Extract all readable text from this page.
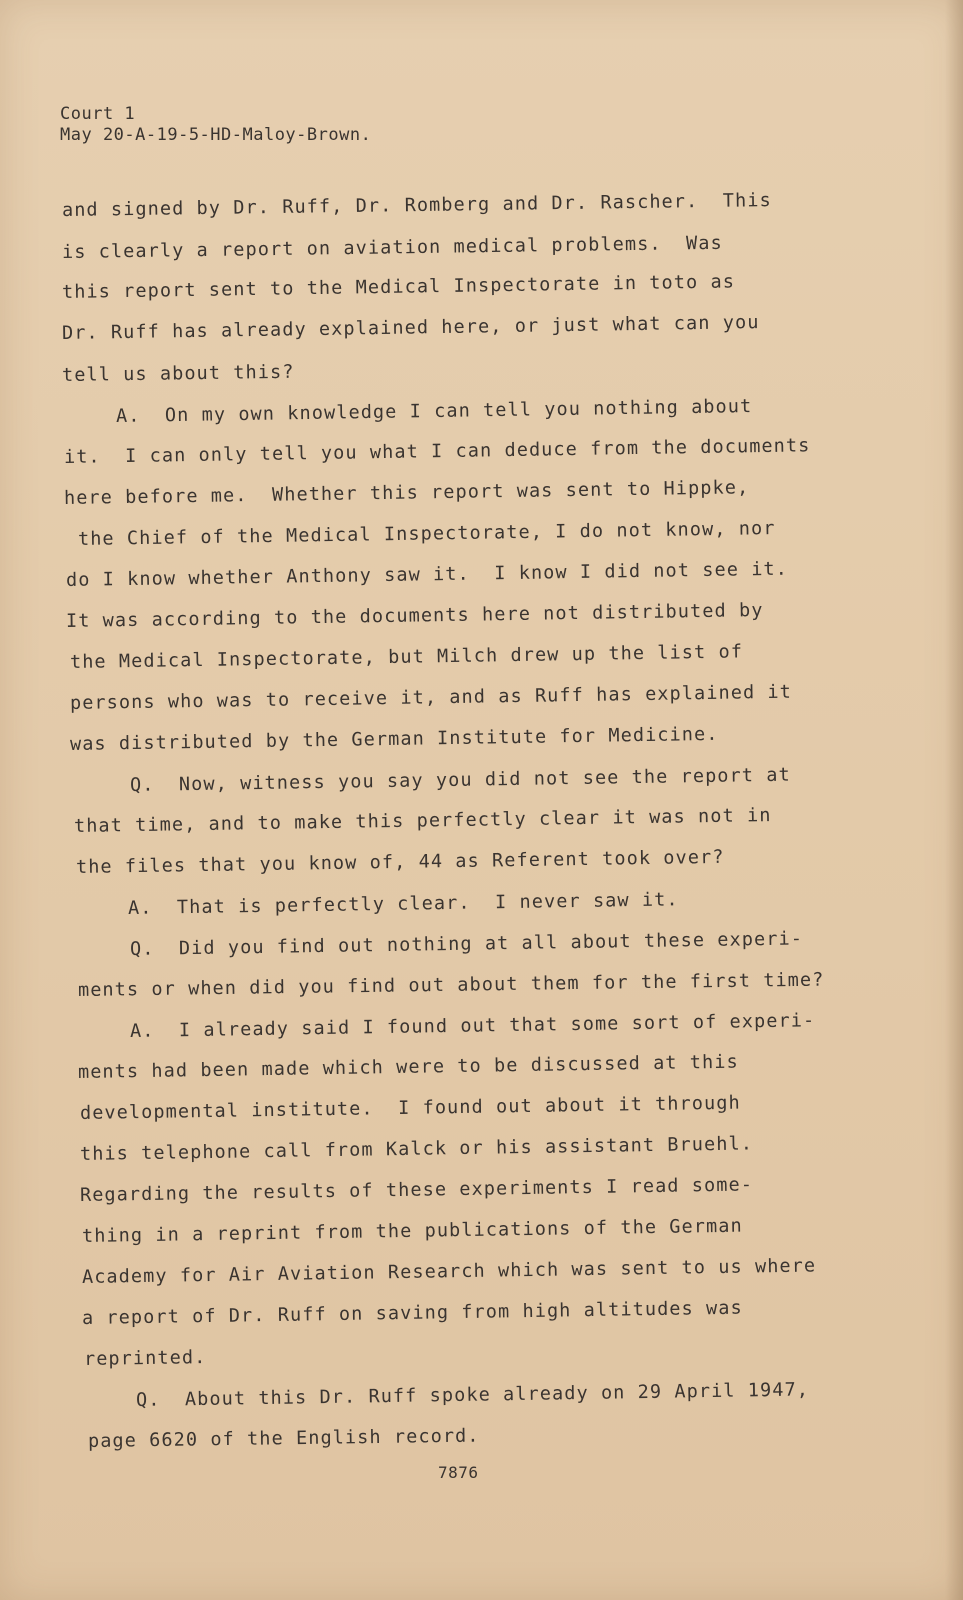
Court 1
May 20-A-19-5-HD-Maloy-Brown.
and signed by Dr. Ruff, Dr. Romberg and Dr. Rascher.  This
is clearly a report on aviation medical problems.  Was
this report sent to the Medical Inspectorate in toto as
Dr. Ruff has already explained here, or just what can you
tell us about this?
A.  On my own knowledge I can tell you nothing about
it.  I can only tell you what I can deduce from the documents
here before me.  Whether this report was sent to Hippke,
the Chief of the Medical Inspectorate, I do not know, nor
do I know whether Anthony saw it.  I know I did not see it.
It was according to the documents here not distributed by
the Medical Inspectorate, but Milch drew up the list of
persons who was to receive it, and as Ruff has explained it
was distributed by the German Institute for Medicine.
Q.  Now, witness you say you did not see the report at
that time, and to make this perfectly clear it was not in
the files that you know of, 44 as Referent took over?
A.  That is perfectly clear.  I never saw it.
Q.  Did you find out nothing at all about these experi-
ments or when did you find out about them for the first time?
A.  I already said I found out that some sort of experi-
ments had been made which were to be discussed at this
developmental institute.  I found out about it through
this telephone call from Kalck or his assistant Bruehl.
Regarding the results of these experiments I read some-
thing in a reprint from the publications of the German
Academy for Air Aviation Research which was sent to us where
a report of Dr. Ruff on saving from high altitudes was
reprinted.
Q.  About this Dr. Ruff spoke already on 29 April 1947,
page 6620 of the English record.
7876
